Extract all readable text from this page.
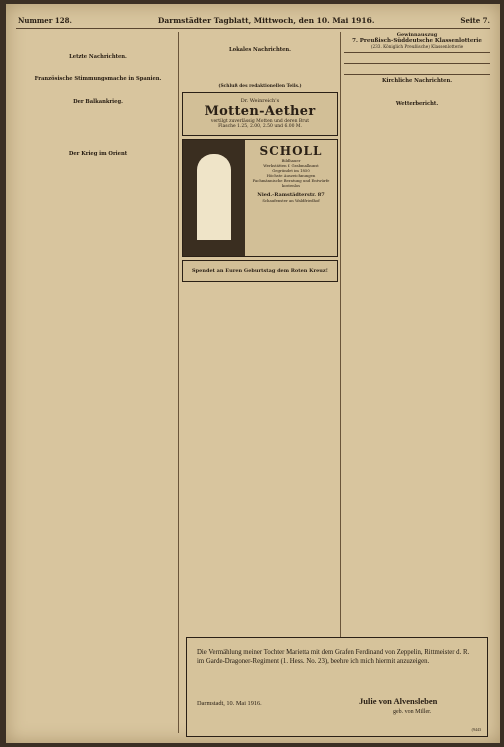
Nummer 128.	Darmstädter Tagblatt, Mittwoch, den 10. Mai 1916.	Seite 7.

Letzte Nachrichten.

Französische Stimmungsmache in Spanien.

Der Balkankrieg.

Der Krieg im Orient

Lokales Nachrichten.

(Schluß des redaktionellen Teils.)
Dr. Weinreich's
Motten-Aether
vertilgt zuverlässig Motten und deren Brut
Flasche 1.25, 2.00, 2.50 und 6.00 M.
SCHOLL
Bildhauer
Werkstätten f. Grabmalkunst
Gegründet im 1850
Höchste Auszeichnungen
Fachmännische Beratung und Entwürfe kostenlos
Nied.-Ramstädterstr. 87
Schaufenster an Waldfriedhof
Spendet an Euren Geburtstag dem Roten Kreuz!
Gewinnauszug
7. Preußisch-Süddeutsche Klassenlotterie
(233. Königlich Preußische) Klassenlotterie
Kirchliche Nachrichten.

Wetterbericht.

Die Vermählung meiner Tochter Marietta mit dem Grafen Ferdinand von Zeppelin, Rittmeister d. R. im Garde-Dragoner-Regiment (1. Hess. No. 23), beehre ich mich hiermit anzuzeigen.
Darmstadt, 10. Mai 1916.	Julie von Alvensleben
geb. von Miller.
(9443
